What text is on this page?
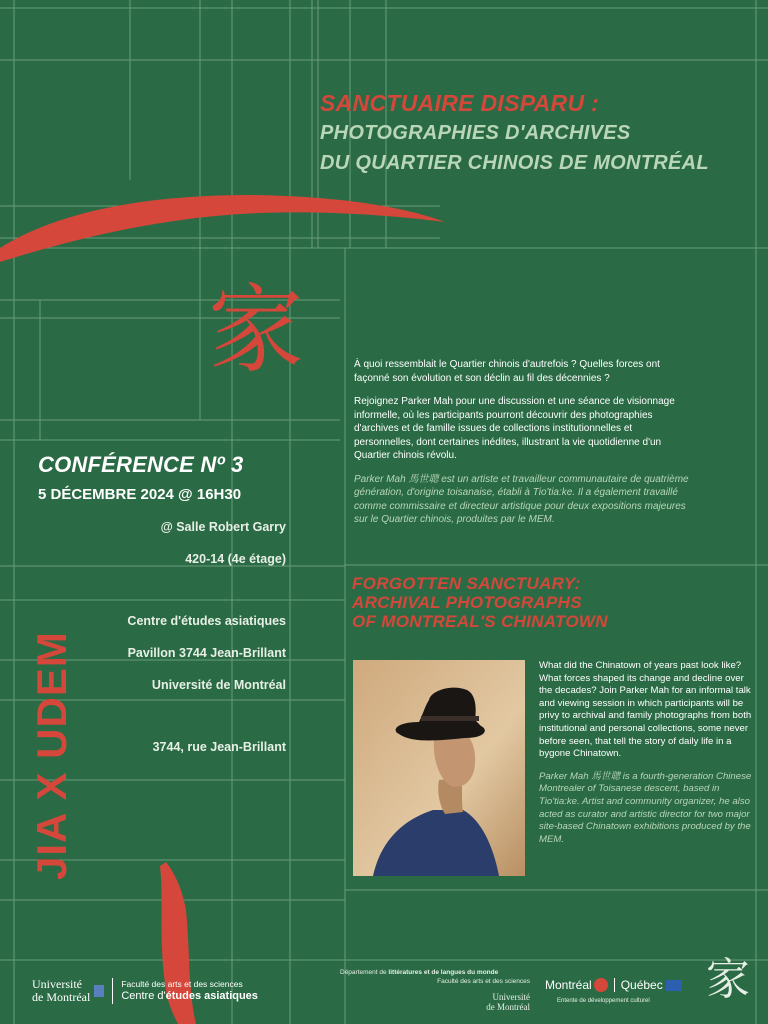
SANCTUAIRE DISPARU :
PHOTOGRAPHIES D'ARCHIVES
DU QUARTIER CHINOIS DE MONTRÉAL
家	À quoi ressemblait le Quartier chinois d'autrefois ? Quelles forces ont façonné son évolution et son déclin au fil des décennies ?

Rejoignez Parker Mah pour une discussion et une séance de visionnage informelle, où les participants pourront découvrir des photographies d'archives et de famille issues de collections institutionnelles et personnelles, dont certaines inédites, illustrant la vie quotidienne d'un Quartier chinois révolu.

Parker Mah 馬世聰 est un artiste et travailleur communautaire de quatrième génération, d'origine toisanaise, établi à Tio'tia:ke. Il a également travaillé comme commissaire et directeur artistique pour deux expositions majeures sur le Quartier chinois, produites par le MEM.

CONFÉRENCE Nº 3
5 DÉCEMBRE 2024 @ 16H30
@ Salle Robert Garry
420-14 (4e étage)
Centre d'études asiatiques
Pavillon 3744 Jean-Brillant
Université de Montréal
3744, rue Jean-Brillant
JIA X UDEM
FORGOTTEN SANCTUARY:
ARCHIVAL PHOTOGRAPHS
OF MONTREAL'S CHINATOWN

What did the Chinatown of years past look like? What forces shaped its change and decline over the decades? Join Parker Mah for an informal talk and viewing session in which participants will be privy to archival and family photographs from both institutional and personal collections, some never before seen, that tell the story of daily life in a bygone Chinatown.

Parker Mah 馬世聰 is a fourth-generation Chinese Montrealer of Toisanese descent, based in Tio'tia:ke. Artist and community organizer, he also acted as curator and artistic director for two major site-based Chinatown exhibitions produced by the MEM.

Université
de Montréal
Faculté des arts et des sciences
Centre d'études asiatiques
Département de littératures et de langues du monde
Faculté des arts et des sciences
Université
de Montréal
Montréal Québec
Entente de développement culturel 家
